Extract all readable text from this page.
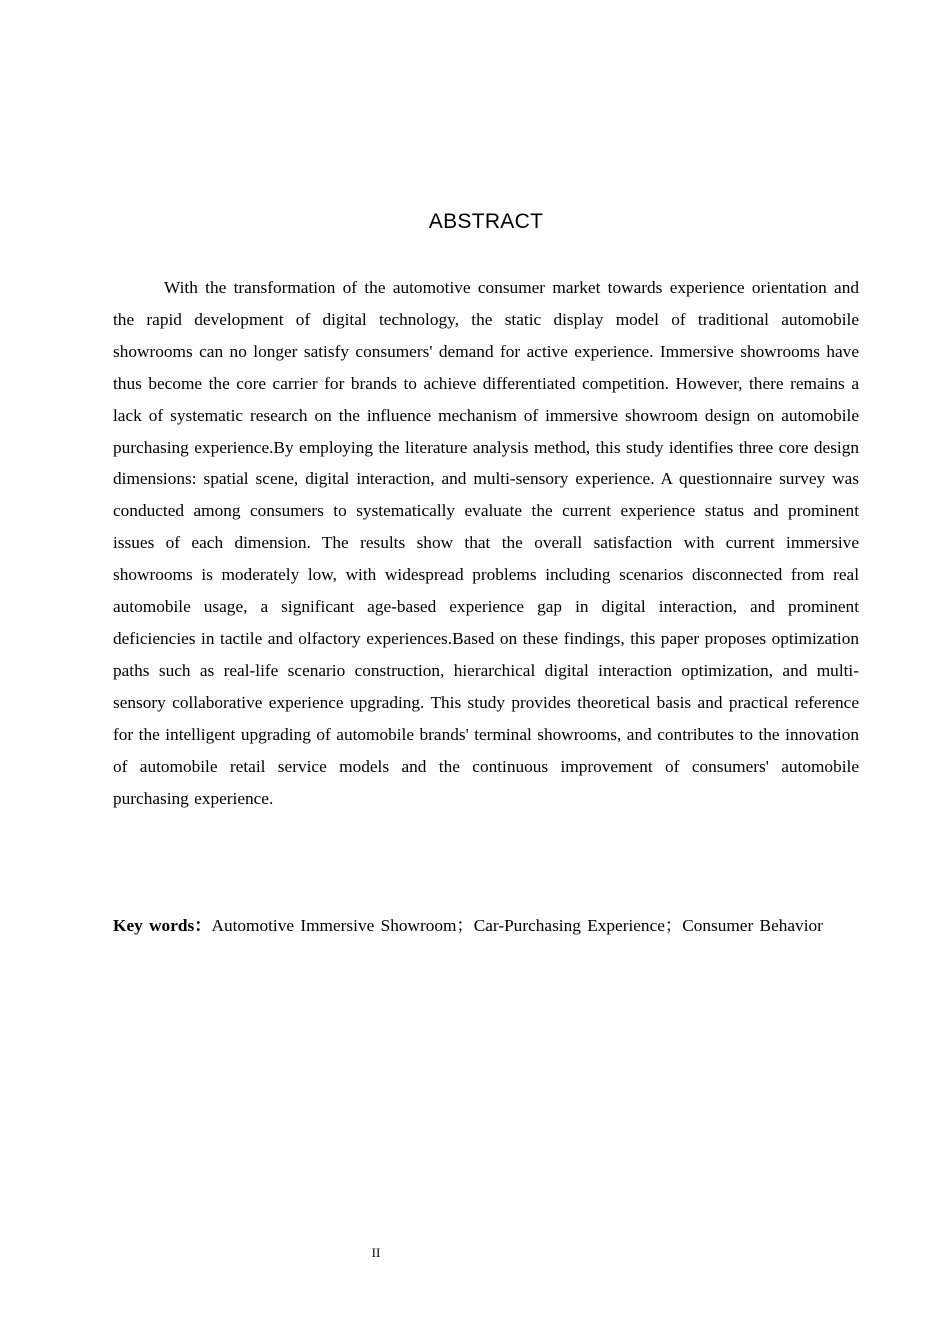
ABSTRACT

With the transformation of the automotive consumer market towards experience orientation and the rapid development of digital technology, the static display model of traditional automobile showrooms can no longer satisfy consumers' demand for active experience. Immersive showrooms have thus become the core carrier for brands to achieve differentiated competition. However, there remains a lack of systematic research on the influence mechanism of immersive showroom design on automobile purchasing experience.By employing the literature analysis method, this study identifies three core design dimensions: spatial scene, digital interaction, and multi-sensory experience. A questionnaire survey was conducted among consumers to systematically evaluate the current experience status and prominent issues of each dimension. The results show that the overall satisfaction with current immersive showrooms is moderately low, with widespread problems including scenarios disconnected from real automobile usage, a significant age-based experience gap in digital interaction, and prominent deficiencies in tactile and olfactory experiences.Based on these findings, this paper proposes optimization paths such as real-life scenario construction, hierarchical digital interaction optimization, and multi-sensory collaborative experience upgrading. This study provides theoretical basis and practical reference for the intelligent upgrading of automobile brands' terminal showrooms, and contributes to the innovation of automobile retail service models and the continuous improvement of consumers' automobile purchasing experience.

Key words：Automotive Immersive Showroom；Car-Purchasing Experience；Consumer Behavior

II
